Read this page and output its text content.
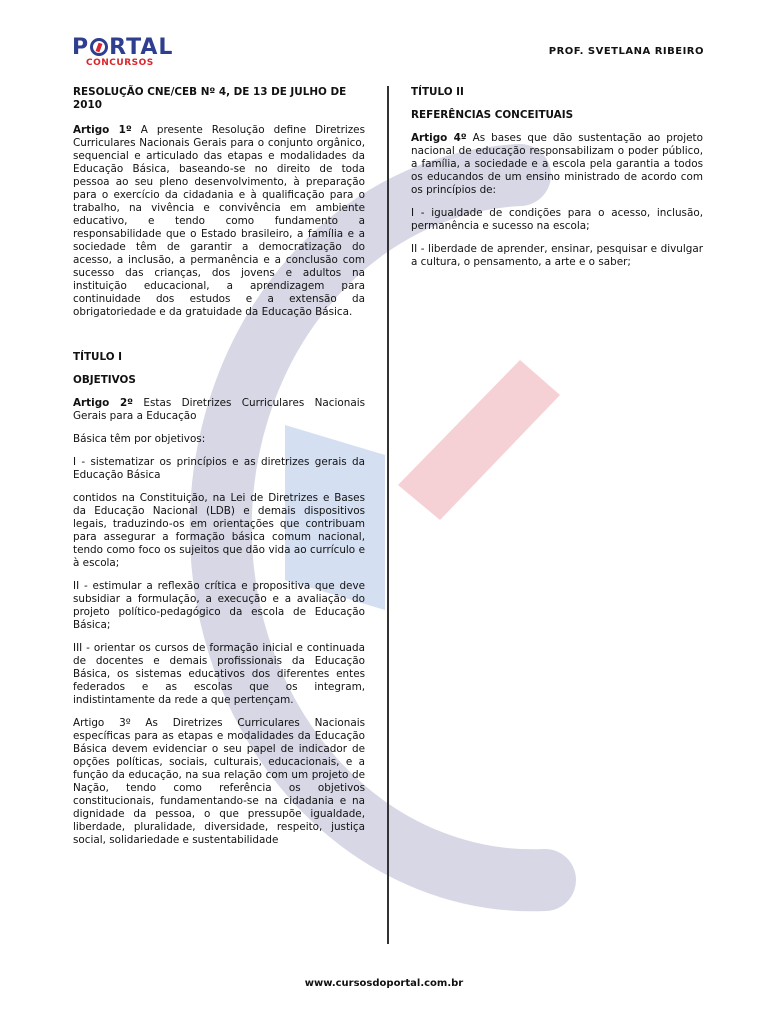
P RTAL
CONCURSOS
PROF. SVETLANA RIBEIRO
RESOLUÇÃO CNE/CEB Nº 4, DE 13 DE JULHO DE 2010

Artigo 1º A presente Resolução define Diretrizes Curriculares Nacionais Gerais para o conjunto orgânico, sequencial e articulado das etapas e modalidades da Educação Básica, baseando-se no direito de toda pessoa ao seu pleno desenvolvimento, à preparação para o exercício da cidadania e à qualificação para o trabalho, na vivência e convivência em ambiente educativo, e tendo como fundamento a responsabilidade que o Estado brasileiro, a família e a sociedade têm de garantir a democratização do acesso, a inclusão, a permanência e a conclusão com sucesso das crianças, dos jovens e adultos na instituição educacional, a aprendizagem para continuidade dos estudos e a extensão da obrigatoriedade e da gratuidade da Educação Básica.

TÍTULO I
OBJETIVOS

Artigo 2º Estas Diretrizes Curriculares Nacionais Gerais para a Educação

Básica têm por objetivos:

I - sistematizar os princípios e as diretrizes gerais da Educação Básica

contidos na Constituição, na Lei de Diretrizes e Bases da Educação Nacional (LDB) e demais dispositivos legais, traduzindo-os em orientações que contribuam para assegurar a formação básica comum nacional, tendo como foco os sujeitos que dão vida ao currículo e à escola;

II - estimular a reflexão crítica e propositiva que deve subsidiar a formulação, a execução e a avaliação do projeto político-pedagógico da escola de Educação Básica;

III - orientar os cursos de formação inicial e continuada de docentes e demais profissionais da Educação Básica, os sistemas educativos dos diferentes entes federados e as escolas que os integram, indistintamente da rede a que pertençam.

Artigo 3º As Diretrizes Curriculares Nacionais específicas para as etapas e modalidades da Educação Básica devem evidenciar o seu papel de indicador de opções políticas, sociais, culturais, educacionais, e a função da educação, na sua relação com um projeto de Nação, tendo como referência os objetivos constitucionais, fundamentando-se na cidadania e na dignidade da pessoa, o que pressupõe igualdade, liberdade, pluralidade, diversidade, respeito, justiça social, solidariedade e sustentabilidade

TÍTULO II
REFERÊNCIAS CONCEITUAIS

Artigo 4º As bases que dão sustentação ao projeto nacional de educação responsabilizam o poder público, a família, a sociedade e a escola pela garantia a todos os educandos de um ensino ministrado de acordo com os princípios de:

I - igualdade de condições para o acesso, inclusão, permanência e sucesso na escola;

II - liberdade de aprender, ensinar, pesquisar e divulgar a cultura, o pensamento, a arte e o saber;

www.cursosdoportal.com.br
